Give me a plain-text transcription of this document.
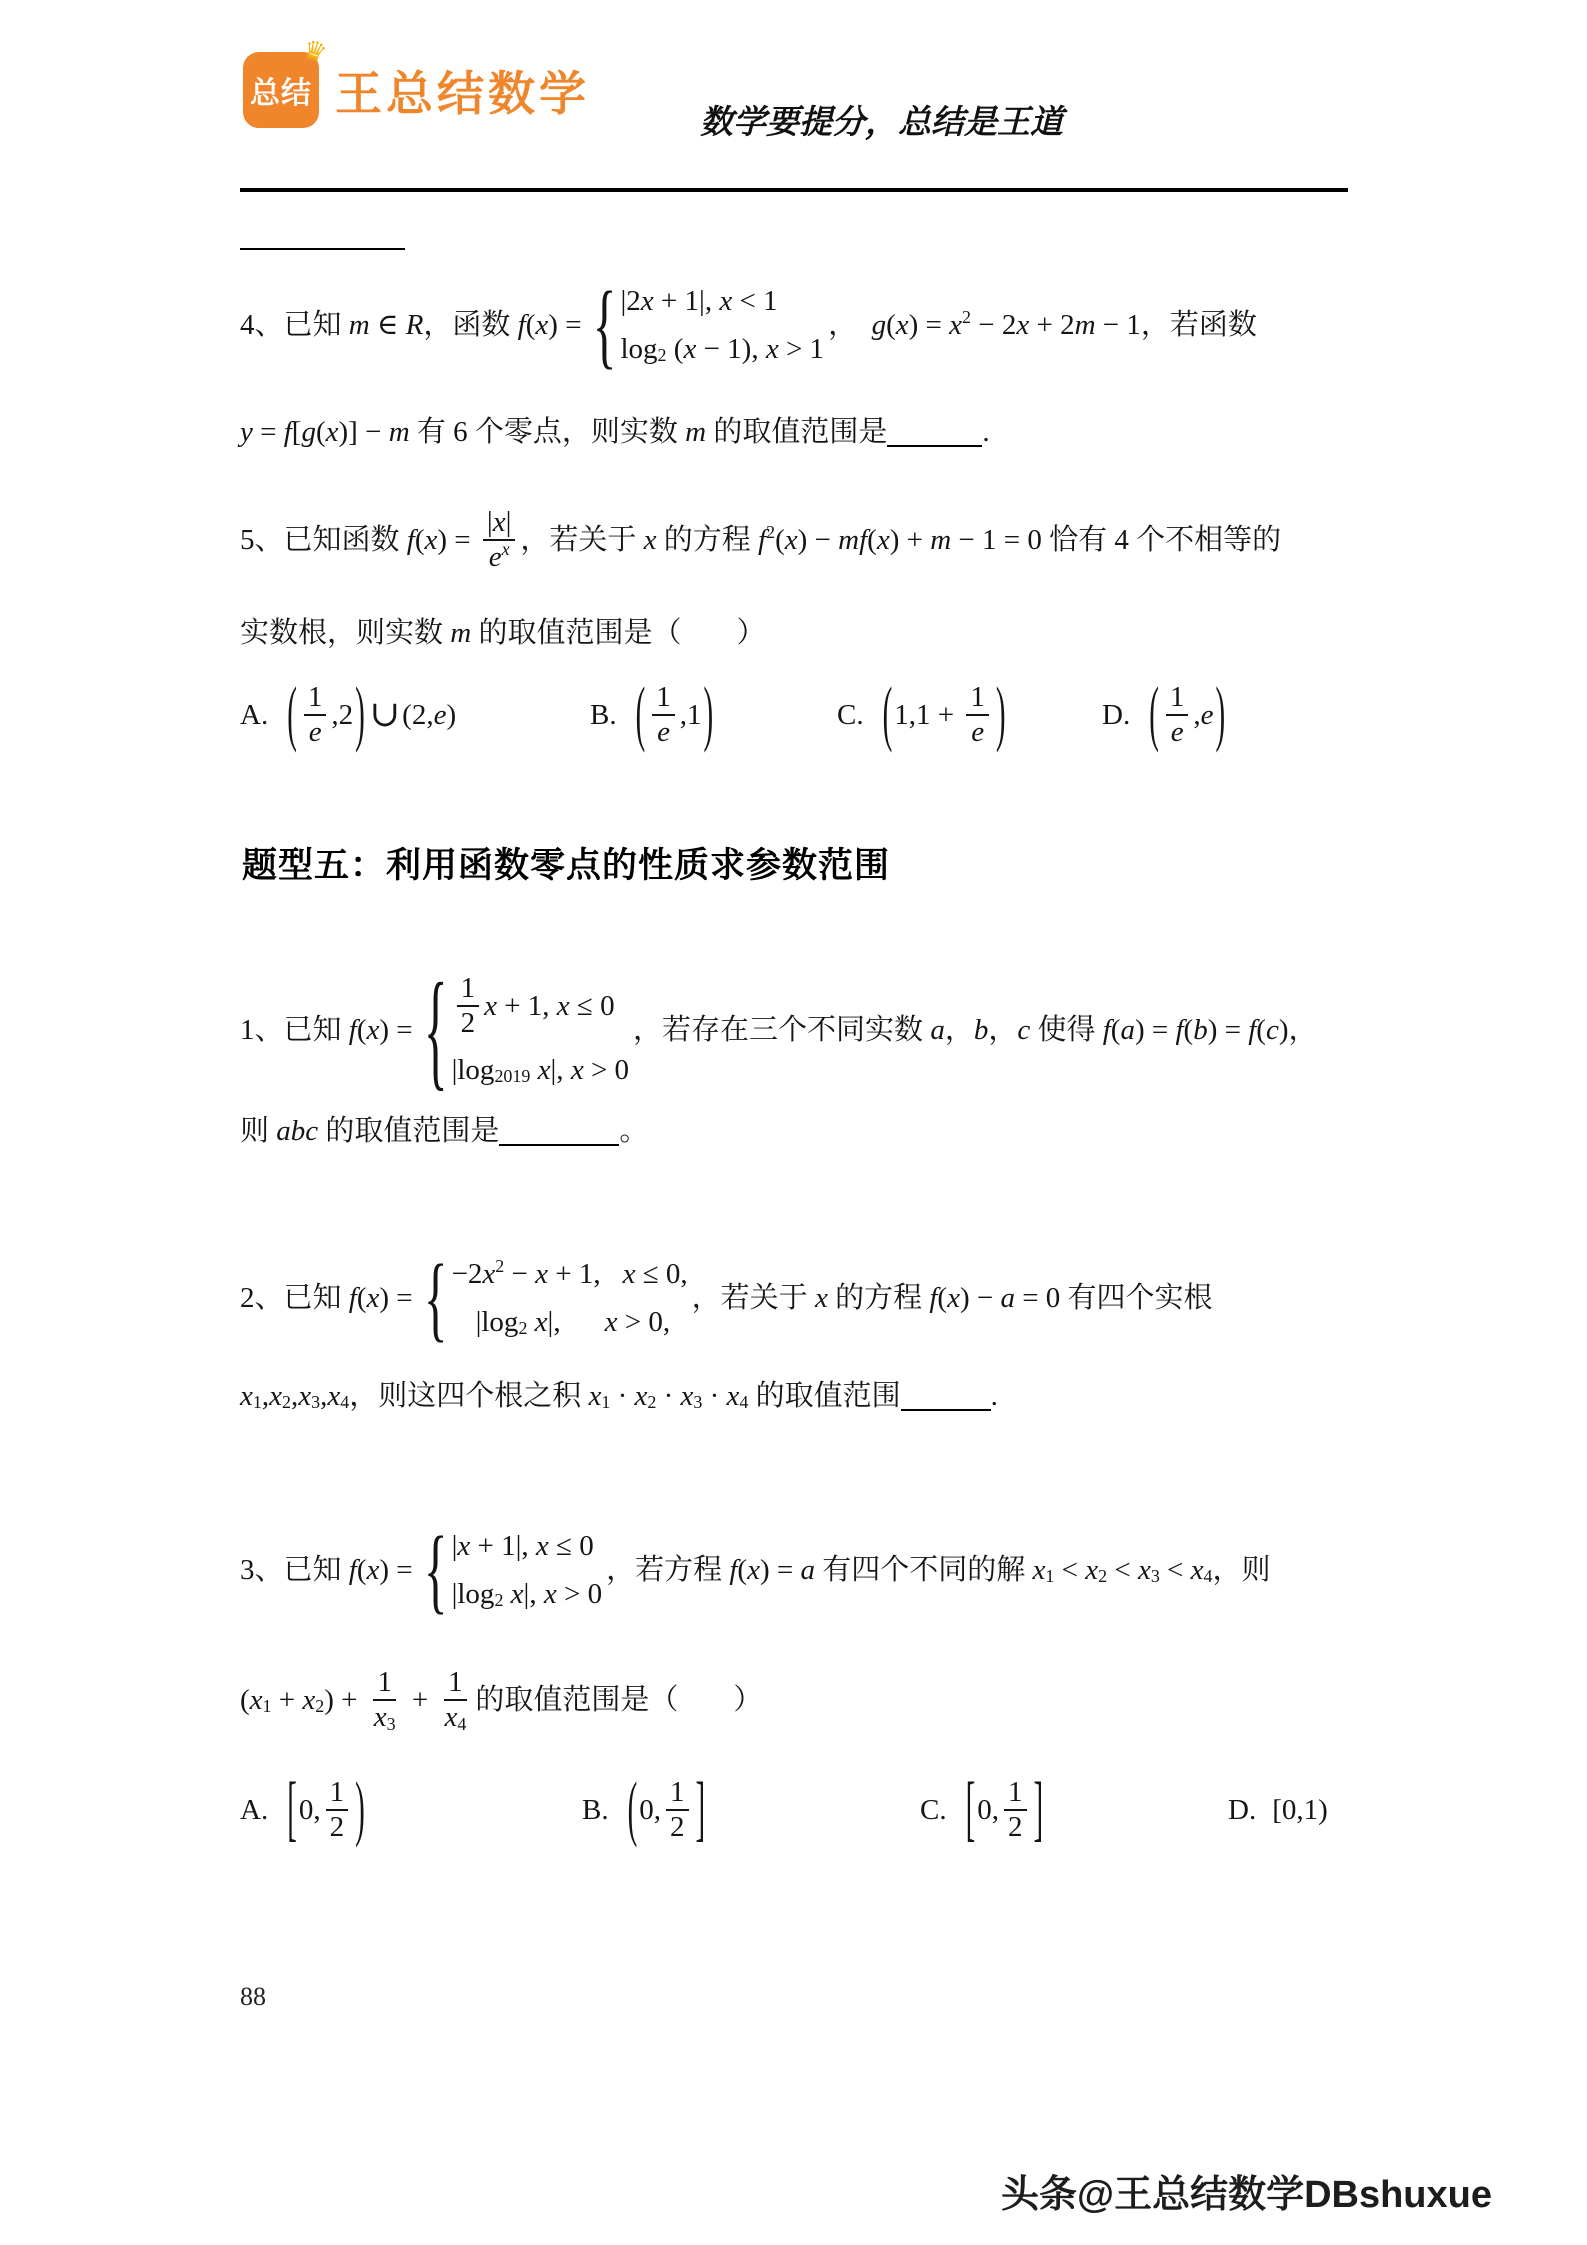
♛
总结 王总结数学
数学要提分，总结是王道
4、已知 m ∈ R ，函数 f ( x ) = { |2 x + 1|, x < 1
log 2 ( x − 1), x > 1
， g ( x ) = x 2 − 2 x + 2 m − 1，若函数
y = f [ g ( x )] − m 有 6 个零点，则实数 m 的取值范围是	.
5、已知函数 f ( x ) = $\frac{| x |}{\text{e x}}$ ，若关于 x 的方程 f 2 ( x ) − mf ( x ) + m − 1 = 0 恰有 4 个不相等的
实数根，则实数 m 的取值范围是（ ）
A. ( $\frac{1}{e} ,2$ ) ∪ (2, e )	B. ( $\frac{1}{e} ,1$ )	C. ( $1,1 + \frac{1}{e}$ )	D. ( $\frac{1}{e}$ , e )
题型五：利用函数零点的性质求参数范围
1、已知 f ( x ) = { $\frac{1}{2}$ x + 1, x ≤ 0
|log 2019 x |, x > 0
，若存在三个不同实数 a ， b ， c 使得 f ( a ) = f ( b ) = f ( c )，
则 abc 的取值范围是	。
2、已知 f ( x ) = { −2 x 2 − x + 1, x ≤ 0,
|log 2 x |, x > 0,
，若关于 x 的方程 f ( x ) − a = 0 有四个实根
x 1 , x 2 , x 3 , x 4 ，则这四个根之积 x 1 · x 2 · x 3 · x 4 的取值范围	.
3、已知 f ( x ) = { | x + 1|, x ≤ 0
|log 2 x |, x > 0
，若方程 f ( x ) = a 有四个不同的解 x 1 < x 2 < x 3 < x 4 ，则
( x 1 + x 2 ) + $\frac{1}{x 3} + \frac{1}{x 4}$ 的取值范围是（ ）
A. [ 0, $\frac{1}{2}$ )	B. ( 0, $\frac{1}{2}$ ]	C. [ 0, $\frac{1}{2}$ ]	D. [0,1)
88
头条@王总结数学DBshuxue
